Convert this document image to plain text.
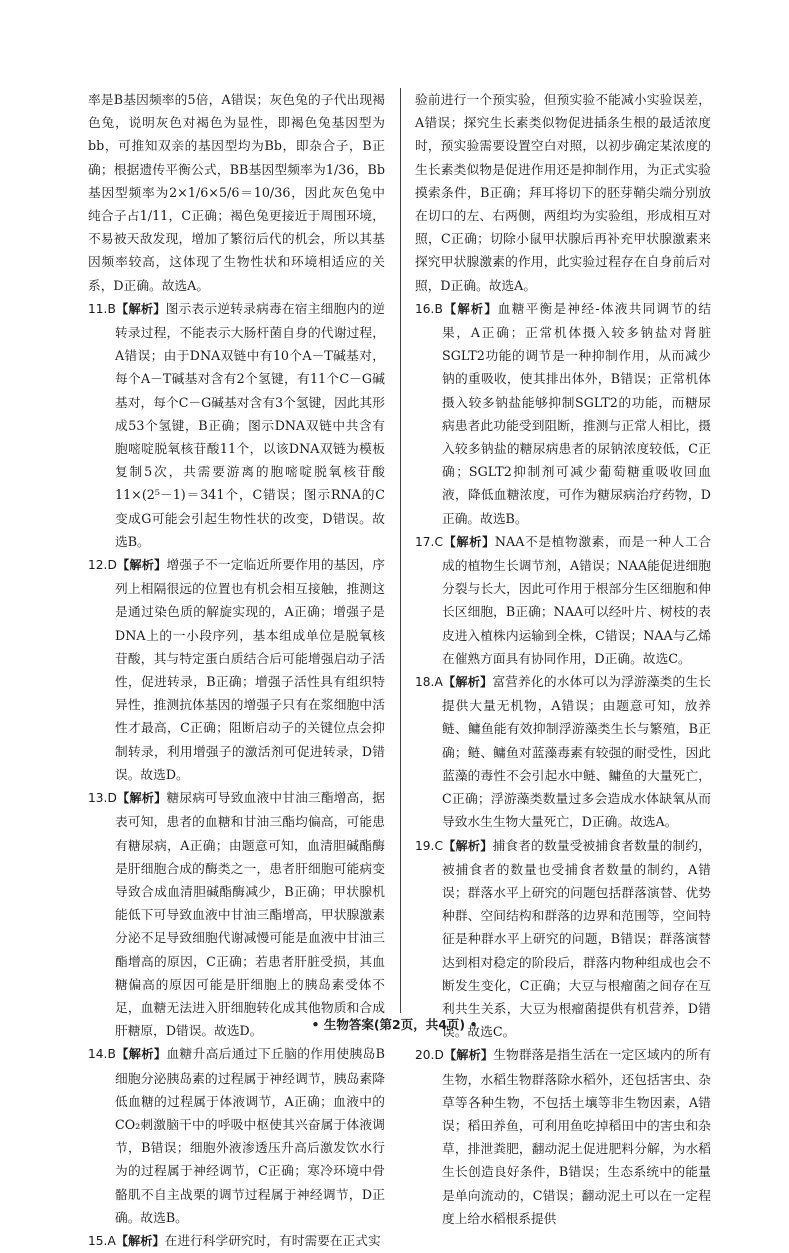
率是B基因频率的5倍，A错误；灰色兔的子代出现褐色兔，说明灰色对褐色为显性，即褐色兔基因型为bb，可推知双亲的基因型均为Bb，即杂合子，B正确；根据遗传平衡公式，BB基因型频率为1/36，Bb基因型频率为2×1/6×5/6＝10/36，因此灰色兔中纯合子占1/11，C正确；褐色兔更接近于周围环境，不易被天敌发现，增加了繁衍后代的机会，所以其基因频率较高，这体现了生物性状和环境相适应的关系，D正确。故选A。

11.B【解析】图示表示逆转录病毒在宿主细胞内的逆转录过程，不能表示大肠杆菌自身的代谢过程，A错误；由于DNA双链中有10个A－T碱基对，每个A－T碱基对含有2个氢键，有11个C－G碱基对，每个C－G碱基对含有3个氢键，因此其形成53个氢键，B正确；图示DNA双链中共含有胞嘧啶脱氧核苷酸11个，以该DNA双链为模板复制5次，共需要游离的胞嘧啶脱氧核苷酸11×(2⁵－1)＝341个，C错误；图示RNA的C变成G可能会引起生物性状的改变，D错误。故选B。

12.D【解析】增强子不一定临近所要作用的基因，序列上相隔很远的位置也有机会相互接触，推测这是通过染色质的解旋实现的，A正确；增强子是DNA上的一小段序列，基本组成单位是脱氧核苷酸，其与特定蛋白质结合后可能增强启动子活性，促进转录，B正确；增强子活性具有组织特异性，推测抗体基因的增强子只有在浆细胞中活性才最高，C正确；阻断启动子的关键位点会抑制转录，利用增强子的激活剂可促进转录，D错误。故选D。

13.D【解析】糖尿病可导致血液中甘油三酯增高，据表可知，患者的血糖和甘油三酯均偏高，可能患有糖尿病，A正确；由题意可知，血清胆碱酯酶是肝细胞合成的酶类之一，患者肝细胞可能病变导致合成血清胆碱酯酶减少，B正确；甲状腺机能低下可导致血液中甘油三酯增高，甲状腺激素分泌不足导致细胞代谢减慢可能是血液中甘油三酯增高的原因，C正确；若患者肝脏受损，其血糖偏高的原因可能是肝细胞上的胰岛素受体不足，血糖无法进入肝细胞转化成其他物质和合成肝糖原，D错误。故选D。

14.B【解析】血糖升高后通过下丘脑的作用使胰岛B细胞分泌胰岛素的过程属于神经调节，胰岛素降低血糖的过程属于体液调节，A正确；血液中的CO₂刺激脑干中的呼吸中枢使其兴奋属于体液调节，B错误；细胞外液渗透压升高后激发饮水行为的过程属于神经调节，C正确；寒冷环境中骨骼肌不自主战栗的调节过程属于神经调节，D正确。故选B。

15.A【解析】在进行科学研究时，有时需要在正式实

验前进行一个预实验，但预实验不能减小实验误差，A错误；探究生长素类似物促进插条生根的最适浓度时，预实验需要设置空白对照，以初步确定某浓度的生长素类似物是促进作用还是抑制作用，为正式实验摸索条件，B正确；拜耳将切下的胚芽鞘尖端分别放在切口的左、右两侧，两组均为实验组，形成相互对照，C正确；切除小鼠甲状腺后再补充甲状腺激素来探究甲状腺激素的作用，此实验过程存在自身前后对照，D正确。故选A。

16.B【解析】血糖平衡是神经-体液共同调节的结果，A正确；正常机体摄入较多钠盐对肾脏SGLT2功能的调节是一种抑制作用，从而减少钠的重吸收，使其排出体外，B错误；正常机体摄入较多钠盐能够抑制SGLT2的功能，而糖尿病患者此功能受到阻断，推测与正常人相比，摄入较多钠盐的糖尿病患者的尿钠浓度较低，C正确；SGLT2抑制剂可减少葡萄糖重吸收回血液，降低血糖浓度，可作为糖尿病治疗药物，D正确。故选B。

17.C【解析】NAA不是植物激素，而是一种人工合成的植物生长调节剂，A错误；NAA能促进细胞分裂与长大，因此可作用于根部分生区细胞和伸长区细胞，B正确；NAA可以经叶片、树枝的表皮进入植株内运输到全株，C错误；NAA与乙烯在催熟方面具有协同作用，D正确。故选C。

18.A【解析】富营养化的水体可以为浮游藻类的生长提供大量无机物，A错误；由题意可知，放养鲢、鳙鱼能有效抑制浮游藻类生长与繁殖，B正确；鲢、鳙鱼对蓝藻毒素有较强的耐受性，因此蓝藻的毒性不会引起水中鲢、鳙鱼的大量死亡，C正确；浮游藻类数量过多会造成水体缺氧从而导致水生生物大量死亡，D正确。故选A。

19.C【解析】捕食者的数量受被捕食者数量的制约，被捕食者的数量也受捕食者数量的制约，A错误；群落水平上研究的问题包括群落演替、优势种群、空间结构和群落的边界和范围等，空间特征是种群水平上研究的问题，B错误；群落演替达到相对稳定的阶段后，群落内物种组成也会不断发生变化，C正确；大豆与根瘤菌之间存在互利共生关系，大豆为根瘤菌提供有机营养，D错误。故选C。

20.D【解析】生物群落是指生活在一定区域内的所有生物，水稻生物群落除水稻外，还包括害虫、杂草等各种生物，不包括土壤等非生物因素，A错误；稻田养鱼，可利用鱼吃掉稻田中的害虫和杂草，排泄粪肥，翻动泥土促进肥料分解，为水稻生长创造良好条件，B错误；生态系统中的能量是单向流动的，C错误；翻动泥土可以在一定程度上给水稻根系提供

• 生物答案(第2页，共4页) •
